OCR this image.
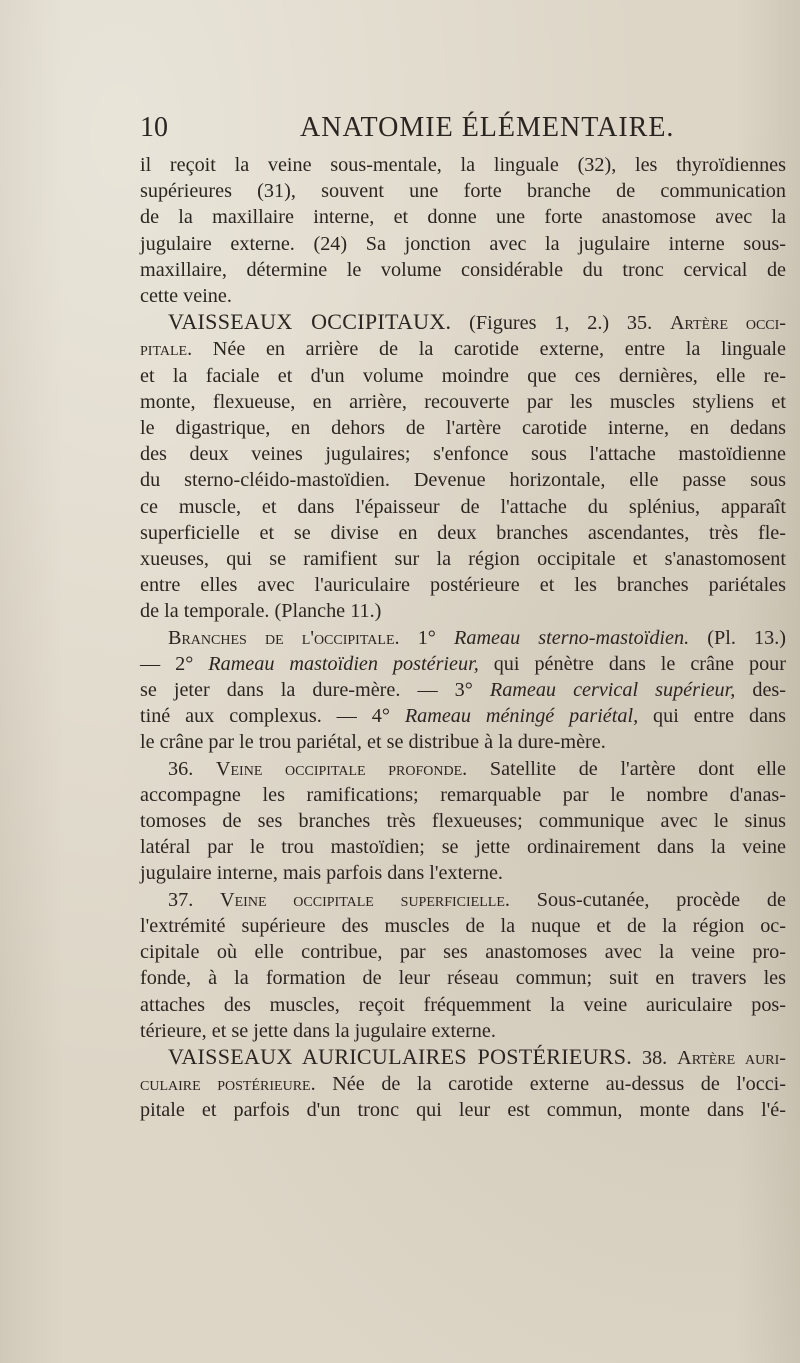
10	ANATOMIE ÉLÉMENTAIRE.
il reçoit la veine sous-mentale, la linguale (32), les thyroïdiennes
supérieures (31), souvent une forte branche de communication
de la maxillaire interne, et donne une forte anastomose avec la
jugulaire externe. (24) Sa jonction avec la jugulaire interne sous-
maxillaire, détermine le volume considérable du tronc cervical de
cette veine.
VAISSEAUX OCCIPITAUX. (Figures 1, 2.) 35. Artère occi-
pitale. Née en arrière de la carotide externe, entre la linguale
et la faciale et d'un volume moindre que ces dernières, elle re-
monte, flexueuse, en arrière, recouverte par les muscles styliens et
le digastrique, en dehors de l'artère carotide interne, en dedans
des deux veines jugulaires; s'enfonce sous l'attache mastoïdienne
du sterno-cléido-mastoïdien. Devenue horizontale, elle passe sous
ce muscle, et dans l'épaisseur de l'attache du splénius, apparaît
superficielle et se divise en deux branches ascendantes, très fle-
xueuses, qui se ramifient sur la région occipitale et s'anastomosent
entre elles avec l'auriculaire postérieure et les branches pariétales
de la temporale. (Planche 11.)
Branches de l'occipitale. 1° Rameau sterno-mastoïdien. (Pl. 13.)
— 2° Rameau mastoïdien postérieur, qui pénètre dans le crâne pour
se jeter dans la dure-mère. — 3° Rameau cervical supérieur, des-
tiné aux complexus. — 4° Rameau méningé pariétal, qui entre dans
le crâne par le trou pariétal, et se distribue à la dure-mère.
36. Veine occipitale profonde. Satellite de l'artère dont elle
accompagne les ramifications; remarquable par le nombre d'anas-
tomoses de ses branches très flexueuses; communique avec le sinus
latéral par le trou mastoïdien; se jette ordinairement dans la veine
jugulaire interne, mais parfois dans l'externe.
37. Veine occipitale superficielle. Sous-cutanée, procède de
l'extrémité supérieure des muscles de la nuque et de la région oc-
cipitale où elle contribue, par ses anastomoses avec la veine pro-
fonde, à la formation de leur réseau commun; suit en travers les
attaches des muscles, reçoit fréquemment la veine auriculaire pos-
térieure, et se jette dans la jugulaire externe.
VAISSEAUX AURICULAIRES POSTÉRIEURS. 38. Artère auri-
culaire postérieure. Née de la carotide externe au-dessus de l'occi-
pitale et parfois d'un tronc qui leur est commun, monte dans l'é-
